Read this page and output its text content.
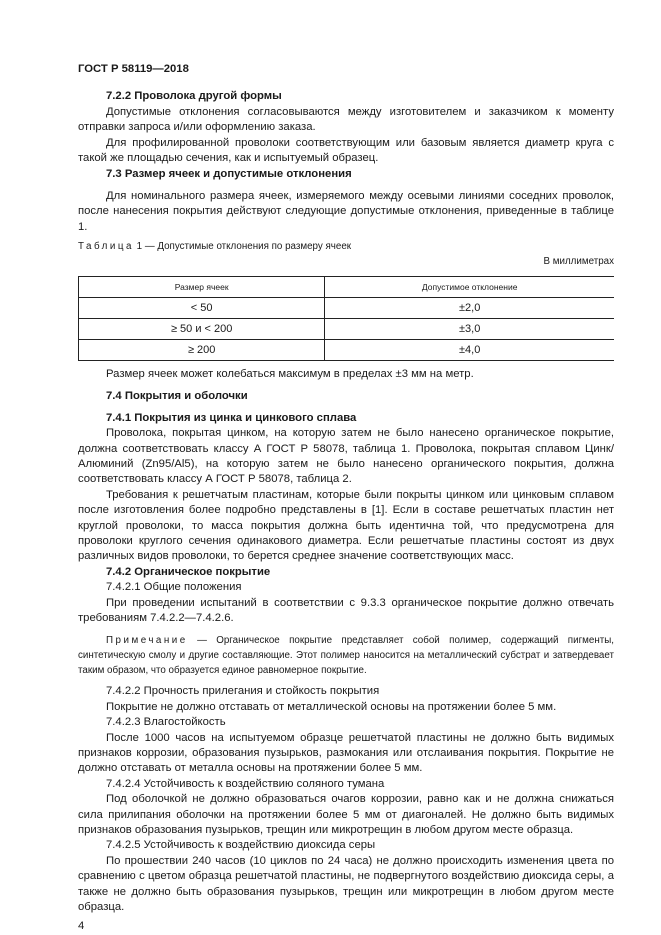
ГОСТ Р 58119—2018
7.2.2 Проволока другой формы

Допустимые отклонения согласовываются между изготовителем и заказчиком к моменту отправки запроса и/или оформлению заказа.

Для профилированной проволоки соответствующим или базовым является диаметр круга с такой же площадью сечения, как и испытуемый образец.

7.3 Размер ячеек и допустимые отклонения

Для номинального размера ячеек, измеряемого между осевыми линиями соседних проволок, после нанесения покрытия действуют следующие допустимые отклонения, приведенные в таблице 1.

Таблица 1 — Допустимые отклонения по размеру ячеек
В миллиметрах
Размер ячеек	Допустимое отклонение
< 50	±2,0
≥ 50 и < 200	±3,0
≥ 200	±4,0
Размер ячеек может колебаться максимум в пределах ±3 мм на метр.
7.4 Покрытия и оболочки
7.4.1 Покрытия из цинка и цинкового сплава

Проволока, покрытая цинком, на которую затем не было нанесено органическое покрытие, должна соответствовать классу А ГОСТ Р 58078, таблица 1. Проволока, покрытая сплавом Цинк/Алюминий (Zn95/Al5), на которую затем не было нанесено органического покрытия, должна соответствовать классу А ГОСТ Р 58078, таблица 2.

Требования к решетчатым пластинам, которые были покрыты цинком или цинковым сплавом после изготовления более подробно представлены в [1]. Если в составе решетчатых пластин нет круглой проволоки, то масса покрытия должна быть идентична той, что предусмотрена для проволоки круглого сечения одинакового диаметра. Если решетчатые пластины состоят из двух различных видов проволоки, то берется среднее значение соответствующих масс.

7.4.2 Органическое покрытие
7.4.2.1 Общие положения

При проведении испытаний в соответствии с 9.3.3 органическое покрытие должно отвечать требованиям 7.4.2.2—7.4.2.6.

Примечание — Органическое покрытие представляет собой полимер, содержащий пигменты, синтетическую смолу и другие составляющие. Этот полимер наносится на металлический субстрат и затвердевает таким образом, что образуется единое равномерное покрытие.

7.4.2.2 Прочность прилегания и стойкость покрытия

Покрытие не должно отставать от металлической основы на протяжении более 5 мм.

7.4.2.3 Влагостойкость

После 1000 часов на испытуемом образце решетчатой пластины не должно быть видимых признаков коррозии, образования пузырьков, размокания или отслаивания покрытия. Покрытие не должно отставать от металла основы на протяжении более 5 мм.

7.4.2.4 Устойчивость к воздействию соляного тумана

Под оболочкой не должно образоваться очагов коррозии, равно как и не должна снижаться сила прилипания оболочки на протяжении более 5 мм от диагоналей. Не должно быть видимых признаков образования пузырьков, трещин или микротрещин в любом другом месте образца.

7.4.2.5 Устойчивость к воздействию диоксида серы

По прошествии 240 часов (10 циклов по 24 часа) не должно происходить изменения цвета по сравнению с цветом образца решетчатой пластины, не подвергнутого воздействию диоксида серы, а также не должно быть образования пузырьков, трещин или микротрещин в любом другом месте образца.

4
